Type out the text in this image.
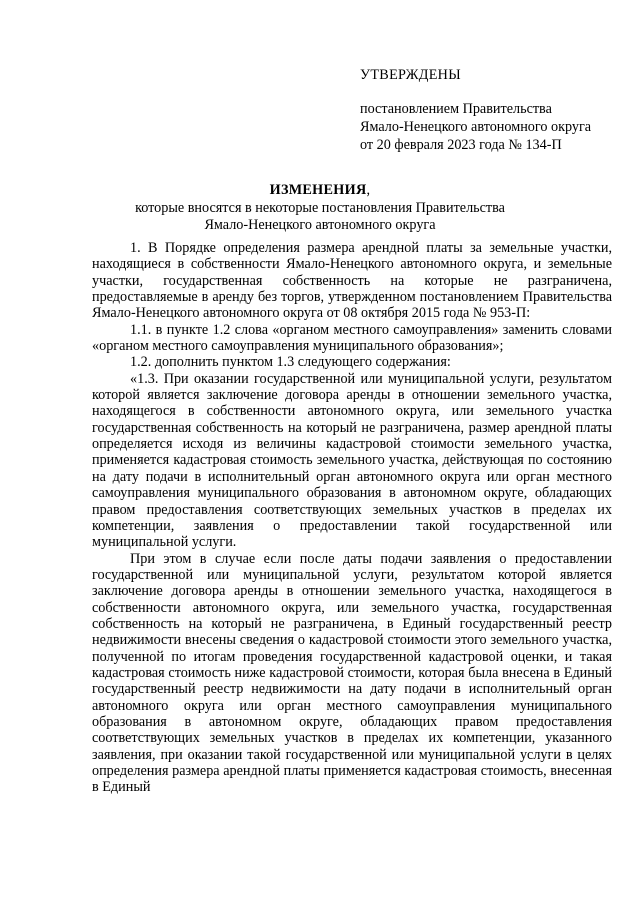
УТВЕРЖДЕНЫ
постановлением Правительства
Ямало-Ненецкого автономного округа
от 20 февраля 2023 года № 134-П
ИЗМЕНЕНИЯ,
которые вносятся в некоторые постановления Правительства
Ямало-Ненецкого автономного округа

1. В Порядке определения размера арендной платы за земельные участки, находящиеся в собственности Ямало-Ненецкого автономного округа, и земельные участки, государственная собственность на которые не разграничена, предоставляемые в аренду без торгов, утвержденном постановлением Правительства Ямало-Ненецкого автономного округа от 08 октября 2015 года № 953-П:

1.1. в пункте 1.2 слова «органом местного самоуправления» заменить словами «органом местного самоуправления муниципального образования»;

1.2. дополнить пунктом 1.3 следующего содержания:

«1.3. При оказании государственной или муниципальной услуги, результатом которой является заключение договора аренды в отношении земельного участка, находящегося в собственности автономного округа, или земельного участка государственная собственность на который не разграничена, размер арендной платы определяется исходя из величины кадастровой стоимости земельного участка, применяется кадастровая стоимость земельного участка, действующая по состоянию на дату подачи в исполнительный орган автономного округа или орган местного самоуправления муниципального образования в автономном округе, обладающих правом предоставления соответствующих земельных участков в пределах их компетенции, заявления о предоставлении такой государственной или муниципальной услуги.

При этом в случае если после даты подачи заявления о предоставлении государственной или муниципальной услуги, результатом которой является заключение договора аренды в отношении земельного участка, находящегося в собственности автономного округа, или земельного участка, государственная собственность на который не разграничена, в Единый государственный реестр недвижимости внесены сведения о кадастровой стоимости этого земельного участка, полученной по итогам проведения государственной кадастровой оценки, и такая кадастровая стоимость ниже кадастровой стоимости, которая была внесена в Единый государственный реестр недвижимости на дату подачи в исполнительный орган автономного округа или орган местного самоуправления муниципального образования в автономном округе, обладающих правом предоставления соответствующих земельных участков в пределах их компетенции, указанного заявления, при оказании такой государственной или муниципальной услуги в целях определения размера арендной платы применяется кадастровая стоимость, внесенная в Единый
